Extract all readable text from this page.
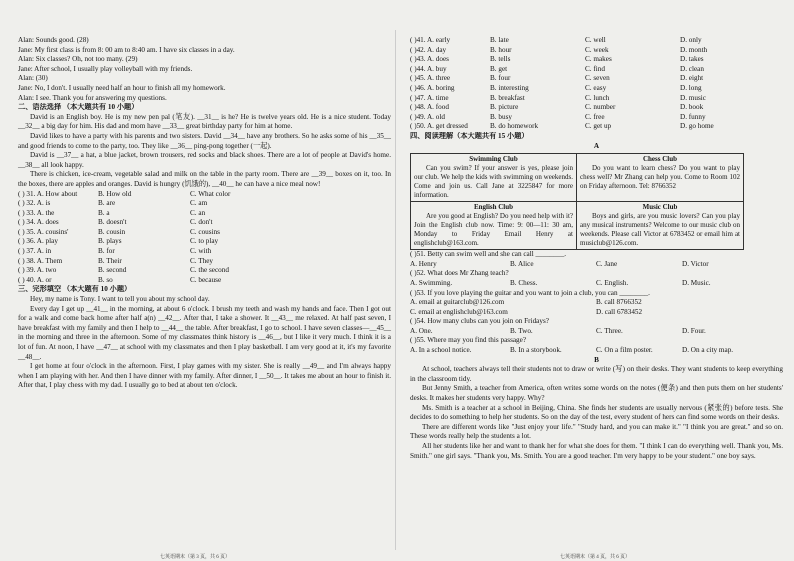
Alan: Sounds good. (28)
Jane: My first class is from 8: 00 am to 8:40 am. I have six classes in a day.
Alan: Six classes? Oh, not too many. (29)
Jane: After school, I usually play volleyball with my friends.
Alan: (30)
Jane: No, I don't. I usually need half an hour to finish all my homework.
Alan: I see. Thank you for answering my questions.
二、语法选择 （本大题共有 10 小题）
David is an English boy. He is my new pen pal (笔友). __31__ is he? He is twelve years old. He is a nice student. Today __32__ a big day for him. His dad and mom have __33__ great birthday party for him at home.
David likes to have a party with his parents and two sisters. David __34__ have any brothers. So he asks some of his __35__ and good friends to come to the party, too. They like __36__ ping-pong together (一起).
David is __37__ a hat, a blue jacket, brown trousers, red socks and black shoes. There are a lot of people at David's home. __38__ all look happy.
There is chicken, ice-cream, vegetable salad and milk on the table in the party room. There are __39__ boxes on it, too. In the boxes, there are apples and oranges. David is hungry (饥饿的), __40__ he can have a nice meal now!
( ) 31. A. How about	B. How old	C. What color
( ) 32. A. is	B. are	C. am
( ) 33. A. the	B. a	C. an
( ) 34. A. does	B. doesn't	C. don't
( ) 35. A. cousins'	B. cousin	C. cousins
( ) 36. A. play	B. plays	C. to play
( ) 37. A. in	B. for	C. with
( ) 38. A. Them	B. Their	C. They
( ) 39. A. two	B. second	C. the second
( ) 40. A. or	B. so	C. because
三、完形填空 （本大题有 10 小题）
Hey, my name is Tony. I want to tell you about my school day.
Every day I get up __41__ in the morning, at about 6 o'clock. I brush my teeth and wash my hands and face. Then I got out for a walk and come back home after half a(n) __42__. After that, I take a shower. It __43__ me relaxed. At half past seven, I have breakfast with my family and then I help to __44__ the table. After breakfast, I go to school. I have seven classes—__45__ in the morning and three in the afternoon. Some of my classmates think history is __46__, but I like it very much. I think it is a lot of fun. At noon, I have __47__ at school with my classmates and then I play basketball. I am very good at it, it's my favorite __48__.
I get home at four o'clock in the afternoon. First, I play games with my sister. She is really __49__ and I'm always happy when I am playing with her. And then I have dinner with my family. After dinner, I __50__. It takes me about an hour to finish it. After that, I play chess with my dad. I usually go to bed at about ten o'clock.
七英语期末（第 3 页，共 6 页）
( )41. A. early	B. late	C. well	D. only
( )42. A. day	B. hour	C. week	D. month
( )43. A. does	B. tells	C. makes	D. takes
( )44. A. buy	B. get	C. find	D. clean
( )45. A. three	B. four	C. seven	D. eight
( )46. A. boring	B. interesting	C. easy	D. long
( )47. A. time	B. breakfast	C. lunch	D. music
( )48. A. food	B. picture	C. number	D. book
( )49. A. old	B. busy	C. free	D. funny
( )50. A. get dressed	B. do homework	C. get up	D. go home
四、阅读理解（本大题共有 15 小题）
A
Swimming Club
Can you swim? If your answer is yes, please join our club. We help the kids with swimming on weekends. Come and join us. Call Jane at 3225847 for more information.
Chess Club
Do you want to learn chess? Do you want to play chess well? Mr Zhang can help you. Come to Room 102 on Friday afternoon. Tel: 8766352
English Club
Are you good at English? Do you need help with it? Join the English club now. Time: 9: 00—11: 30 am, Monday to Friday Email Henry at englishclub@163.com.
Music Club
Boys and girls, are you music lovers? Can you play any musical instruments? Welcome to our music club on weekends. Please call Victor at 6783452 or email him at musiclub@126.com.
( )51. Betty can swim well and she can call ________.
A. Henry	B. Alice	C. Jane	D. Victor
( )52. What does Mr Zhang teach?
A. Swimming.	B. Chess.	C. English.	D. Music.
( )53. If you love playing the guitar and you want to join a club, you can ________.
A. email at guitarclub@126.com	B. call 8766352
C. email at englishclub@163.com	D. call 6783452
( )54. How many clubs can you join on Fridays?
A. One.	B. Two.	C. Three.	D. Four.
( )55. Where may you find this passage?
A. In a school notice.	B. In a storybook.	C. On a film poster.	D. On a city map.
B
At school, teachers always tell their students not to draw or write (写) on their desks. They want students to keep everything in the classroom tidy.
But Jenny Smith, a teacher from America, often writes some words on the notes (便条) and then puts them on her students' desks. It makes her students very happy. Why?
Ms. Smith is a teacher at a school in Beijing, China. She finds her students are usually nervous (紧张的) before tests. She decides to do something to help her students. So on the day of the test, every student of hers can find some words on their desks.
There are different words like "Just enjoy your life." "Study hard, and you can make it." "I think you are great." and so on. These words really help the students a lot.
All her students like her and want to thank her for what she does for them. "I think I can do everything well. Thank you, Ms. Smith." one girl says. "Thank you, Ms. Smith. You are a good teacher. I'm very happy to be your student." one boy says.
七英语期末（第 4 页，共 6 页）
